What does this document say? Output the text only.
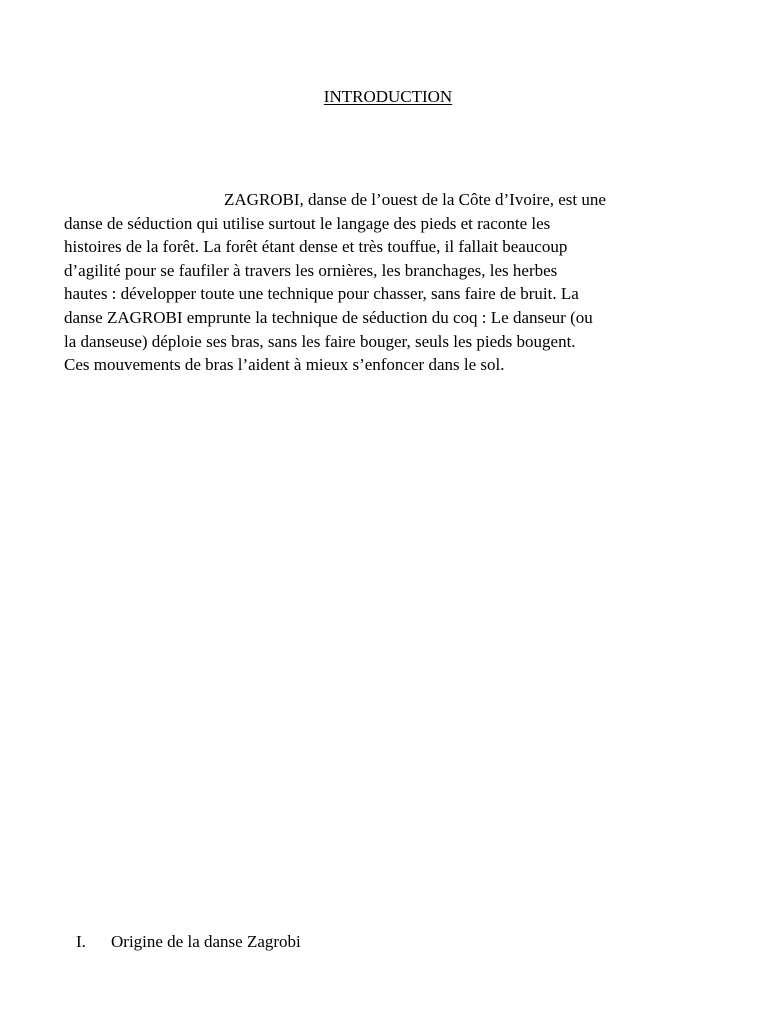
INTRODUCTION

ZAGROBI, danse de l’ouest de la Côte d’Ivoire, est une
danse de séduction qui utilise surtout le langage des pieds et raconte les
histoires de la forêt. La forêt étant dense et très touffue, il fallait beaucoup
d’agilité pour se faufiler à travers les ornières, les branchages, les herbes
hautes : développer toute une technique pour chasser, sans faire de bruit. La
danse ZAGROBI emprunte la technique de séduction du coq : Le danseur (ou
la danseuse) déploie ses bras, sans les faire bouger, seuls les pieds bougent.
Ces mouvements de bras l’aident à mieux s’enfoncer dans le sol.

I. Origine de la danse Zagrobi
